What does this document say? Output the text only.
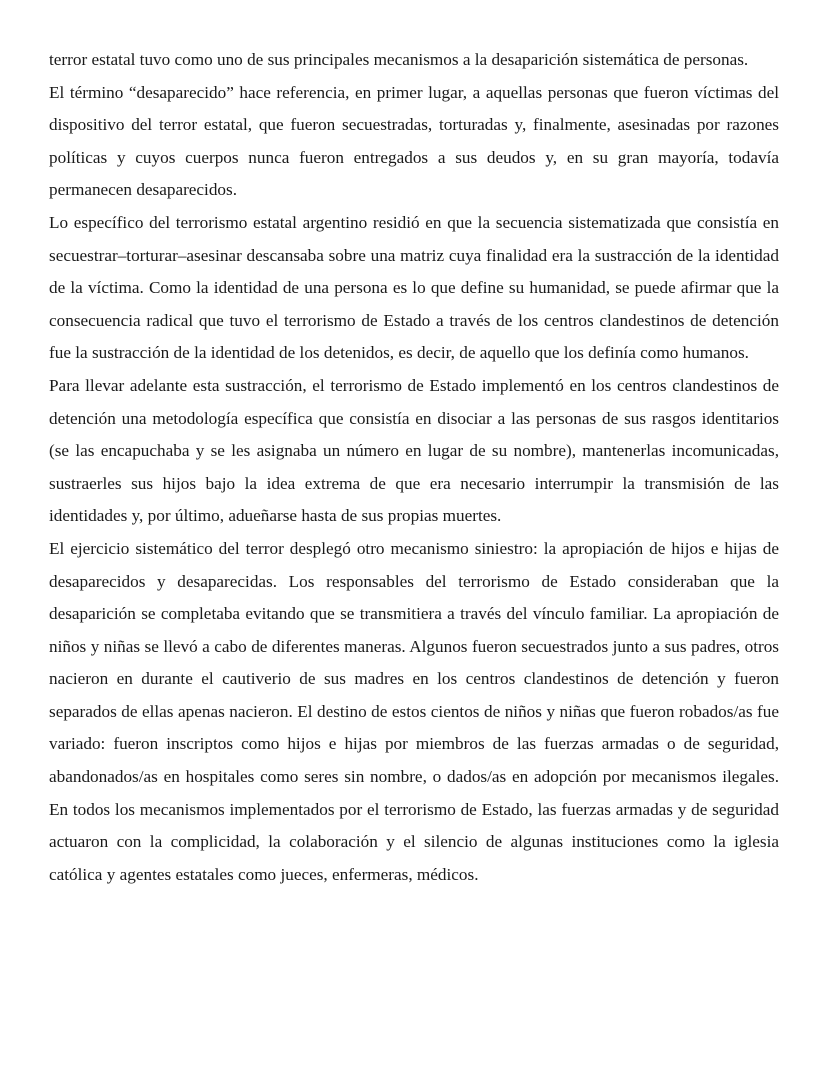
terror estatal tuvo como uno de sus principales mecanismos a la desaparición sistemática de personas.

El término “desaparecido” hace referencia, en primer lugar, a aquellas personas que fueron víctimas del dispositivo del terror estatal, que fueron secuestradas, torturadas y, finalmente, asesinadas por razones políticas y cuyos cuerpos nunca fueron entregados a sus deudos y, en su gran mayoría, todavía permanecen desaparecidos.

Lo específico del terrorismo estatal argentino residió en que la secuencia sistematizada que consistía en secuestrar–torturar–asesinar descansaba sobre una matriz cuya finalidad era la sustracción de la identidad de la víctima. Como la identidad de una persona es lo que define su humanidad, se puede afirmar que la consecuencia radical que tuvo el terrorismo de Estado a través de los centros clandestinos de detención fue la sustracción de la identidad de los detenidos, es decir, de aquello que los definía como humanos.

Para llevar adelante esta sustracción, el terrorismo de Estado implementó en los centros clandestinos de detención una metodología específica que consistía en disociar a las personas de sus rasgos identitarios (se las encapuchaba y se les asignaba un número en lugar de su nombre), mantenerlas incomunicadas, sustraerles sus hijos bajo la idea extrema de que era necesario interrumpir la transmisión de las identidades y, por último, adueñarse hasta de sus propias muertes.

El ejercicio sistemático del terror desplegó otro mecanismo siniestro: la apropiación de hijos e hijas de desaparecidos y desaparecidas. Los responsables del terrorismo de Estado consideraban que la desaparición se completaba evitando que se transmitiera a través del vínculo familiar. La apropiación de niños y niñas se llevó a cabo de diferentes maneras. Algunos fueron secuestrados junto a sus padres, otros nacieron en durante el cautiverio de sus madres en los centros clandestinos de detención y fueron separados de ellas apenas nacieron. El destino de estos cientos de niños y niñas que fueron robados/as fue variado: fueron inscriptos como hijos e hijas por miembros de las fuerzas armadas o de seguridad, abandonados/as en hospitales como seres sin nombre, o dados/as en adopción por mecanismos ilegales. En todos los mecanismos implementados por el terrorismo de Estado, las fuerzas armadas y de seguridad actuaron con la complicidad, la colaboración y el silencio de algunas instituciones como la iglesia católica y agentes estatales como jueces, enfermeras, médicos.
